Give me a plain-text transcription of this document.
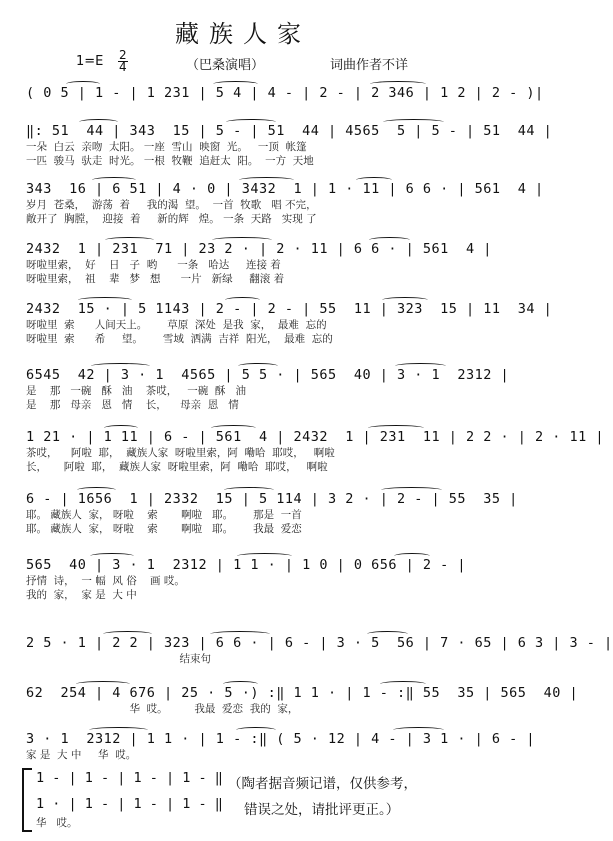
藏族人家
1=E 2
4	（巴桑演唱）	词曲作者不详
( 0 5 | 1 - | 1 231 | 5 4 | 4 - | 2 - | 2 346 | 1 2 | 2 - )|
‖: 51  44 | 343  15 | 5 - | 51  44 | 4565  5 | 5 - | 51  44 |
一朵  白云  亲吻  太阳。 一座  雪山  映窗  光。   一顶  帐篷
一匹  骏马  驮走  时光。 一根  牧鞭  追赶太  阳。  一方  天地
343  16 | 6 51 | 4 · 0 | 3432  1 | 1 · 11 | 6 6 · | 561  4 |
岁月  苍桑，  游荡  着     我的渴  望。  一首  牧歌   唱 不完，
敞开了  胸膛，  迎接  着     新的辉   煌。 一条  天路   实现 了
2432  1 | 231  71 | 23 2 · | 2 · 11 | 6 6 · | 561  4 |
呀啦里索，  好    日   子  哟      一条   哈达     连接 着
呀啦里索，  祖    辈   梦   想      一片   新绿     翻滚 着
2432  15 · | 5 1143 | 2 - | 2 - | 55  11 | 323  15 | 11  34 |
呀啦里  索      人间天上。      草原  深处  是我  家，  最难  忘的
呀啦里  索      希     望。      雪域  洒满  吉祥  阳光，  最难  忘的
6545  42 | 3 · 1  4565 | 5 5 · | 565  40 | 3 · 1  2312 |
是    那   一碗   酥   油    茶哎，   一碗  酥   油
是    那   母亲   恩   情    长，    母亲  恩   情
1 21 · | 1 11 | 6 - | 561  4 | 2432  1 | 231  11 | 2 2 · | 2 · 11 |
茶哎，    阿啦  耶，  藏族人家  呀啦里索，阿  嘞哈  耶哎，   啊啦
长，     阿啦  耶，  藏族人家  呀啦里索，阿  嘞哈  耶哎，   啊啦
6 - | 1656  1 | 2332  15 | 5 114 | 3 2 · | 2 - | 55  35 |
耶。 藏族人  家， 呀啦    索       啊啦   耶。      那是  一首
耶。 藏族人  家， 呀啦    索       啊啦   耶。      我最  爱恋
565  40 | 3 · 1  2312 | 1 1 · | 1 0 | 0 656 | 2 - |
抒情  诗，  一 幅  风 俗    画 哎。
我的  家，  家 是  大 中
2 5 · 1 | 2 2 | 323 | 6 6 · | 6 - | 3 · 5  56 | 7 · 65 | 6 3 | 3 - |
结束句
62  254 | 4 676 | 25 · 5 ·) :‖ 1 1 · | 1 - :‖ 55  35 | 565  40 |
华  哎。        我最  爱恋  我的  家，
3 · 1  2312 | 1 1 · | 1 - :‖ ( 5 · 12 | 4 - | 3 1 · | 6 - |
家 是  大 中     华  哎。
1 - | 1 - | 1 - | 1 - ‖
1 · | 1 - | 1 - | 1 - ‖
华   哎。
（陶者据音频记谱，仅供参考，
错误之处，请批评更正。）
